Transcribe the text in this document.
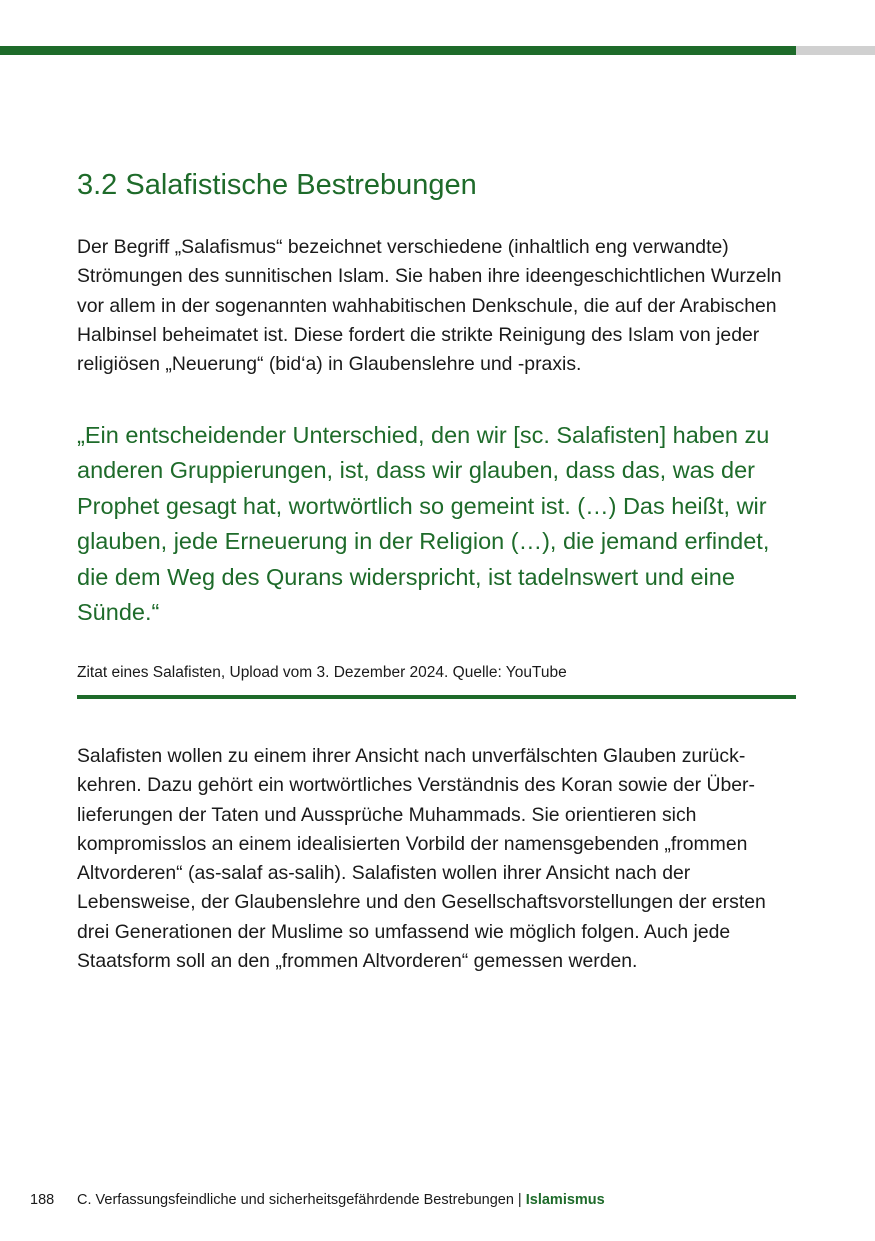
3.2 Salafistische Bestrebungen

Der Begriff „Salafismus“ bezeichnet verschiedene (inhaltlich eng verwandte) Strömungen des sunnitischen Islam. Sie haben ihre ideengeschichtlichen Wurzeln vor allem in der sogenannten wahhabitischen Denkschule, die auf der Arabischen Halbinsel beheimatet ist. Diese fordert die strikte Reinigung des Islam von jeder religiösen „Neuerung“ (bid‘a) in Glaubenslehre und -praxis.

„Ein entscheidender Unterschied, den wir [sc. Salafisten] haben zu anderen Gruppierungen, ist, dass wir glauben, dass das, was der Prophet gesagt hat, wortwörtlich so gemeint ist. (…) Das heißt, wir glauben, jede Erneuerung in der Religion (…), die jemand erfindet, die dem Weg des Qurans widerspricht, ist tadelnswert und eine Sünde.“

Zitat eines Salafisten, Upload vom 3. Dezember 2024. Quelle: YouTube

Salafisten wollen zu einem ihrer Ansicht nach unverfälschten Glauben zurückkehren. Dazu gehört ein wortwörtliches Verständnis des Koran sowie der Überlieferungen der Taten und Aussprüche Muhammads. Sie orientieren sich kompromisslos an einem idealisierten Vorbild der namensgebenden „frommen Altvorderen“ (as-salaf as-salih). Salafisten wollen ihrer Ansicht nach der Lebensweise, der Glaubenslehre und den Gesellschaftsvorstellungen der ersten drei Generationen der Muslime so umfassend wie möglich folgen. Auch jede Staatsform soll an den „frommen Altvorderen“ gemessen werden.

188 C. Verfassungsfeindliche und sicherheitsgefährdende Bestrebungen | Islamismus
